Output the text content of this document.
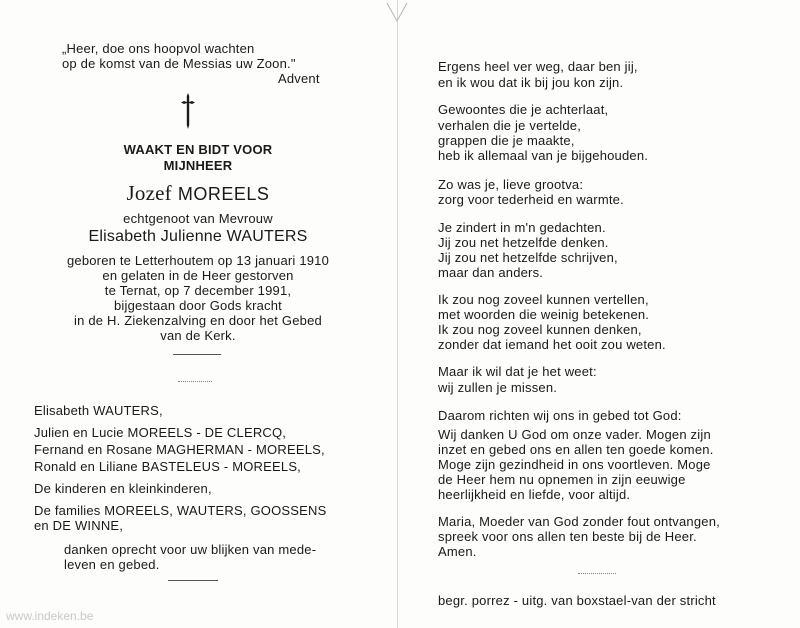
„Heer, doe ons hoopvol wachten
op de komst van de Messias uw Zoon."
Advent
WAAKT EN BIDT VOOR
MIJNHEER
Jozef MOREELS
echtgenoot van Mevrouw
Elisabeth Julienne WAUTERS
geboren te Letterhoutem op 13 januari 1910
en gelaten in de Heer gestorven
te Ternat, op 7 december 1991,
bijgestaan door Gods kracht
in de H. Ziekenzalving en door het Gebed
van de Kerk.
Elisabeth WAUTERS,
Julien en Lucie MOREELS - DE CLERCQ,
Fernand en Rosane MAGHERMAN - MOREELS,
Ronald en Liliane BASTELEUS - MOREELS,
De kinderen en kleinkinderen,
De families MOREELS, WAUTERS, GOOSSENS
en DE WINNE,
danken oprecht voor uw blijken van mede-
leven en gebed.
www.indeken.be
Ergens heel ver weg, daar ben jij,
en ik wou dat ik bij jou kon zijn.
Gewoontes die je achterlaat,
verhalen die je vertelde,
grappen die je maakte,
heb ik allemaal van je bijgehouden.
Zo was je, lieve grootva:
zorg voor tederheid en warmte.
Je zindert in m'n gedachten.
Jij zou net hetzelfde denken.
Jij zou net hetzelfde schrijven,
maar dan anders.
Ik zou nog zoveel kunnen vertellen,
met woorden die weinig betekenen.
Ik zou nog zoveel kunnen denken,
zonder dat iemand het ooit zou weten.
Maar ik wil dat je het weet:
wij zullen je missen.
Daarom richten wij ons in gebed tot God:
Wij danken U God om onze vader. Mogen zijn
inzet en gebed ons en allen ten goede komen.
Moge zijn gezindheid in ons voortleven. Moge
de Heer hem nu opnemen in zijn eeuwige
heerlijkheid en liefde, voor altijd.
Maria, Moeder van God zonder fout ontvangen,
spreek voor ons allen ten beste bij de Heer.
Amen.
begr. porrez - uitg. van boxstael-van der stricht
